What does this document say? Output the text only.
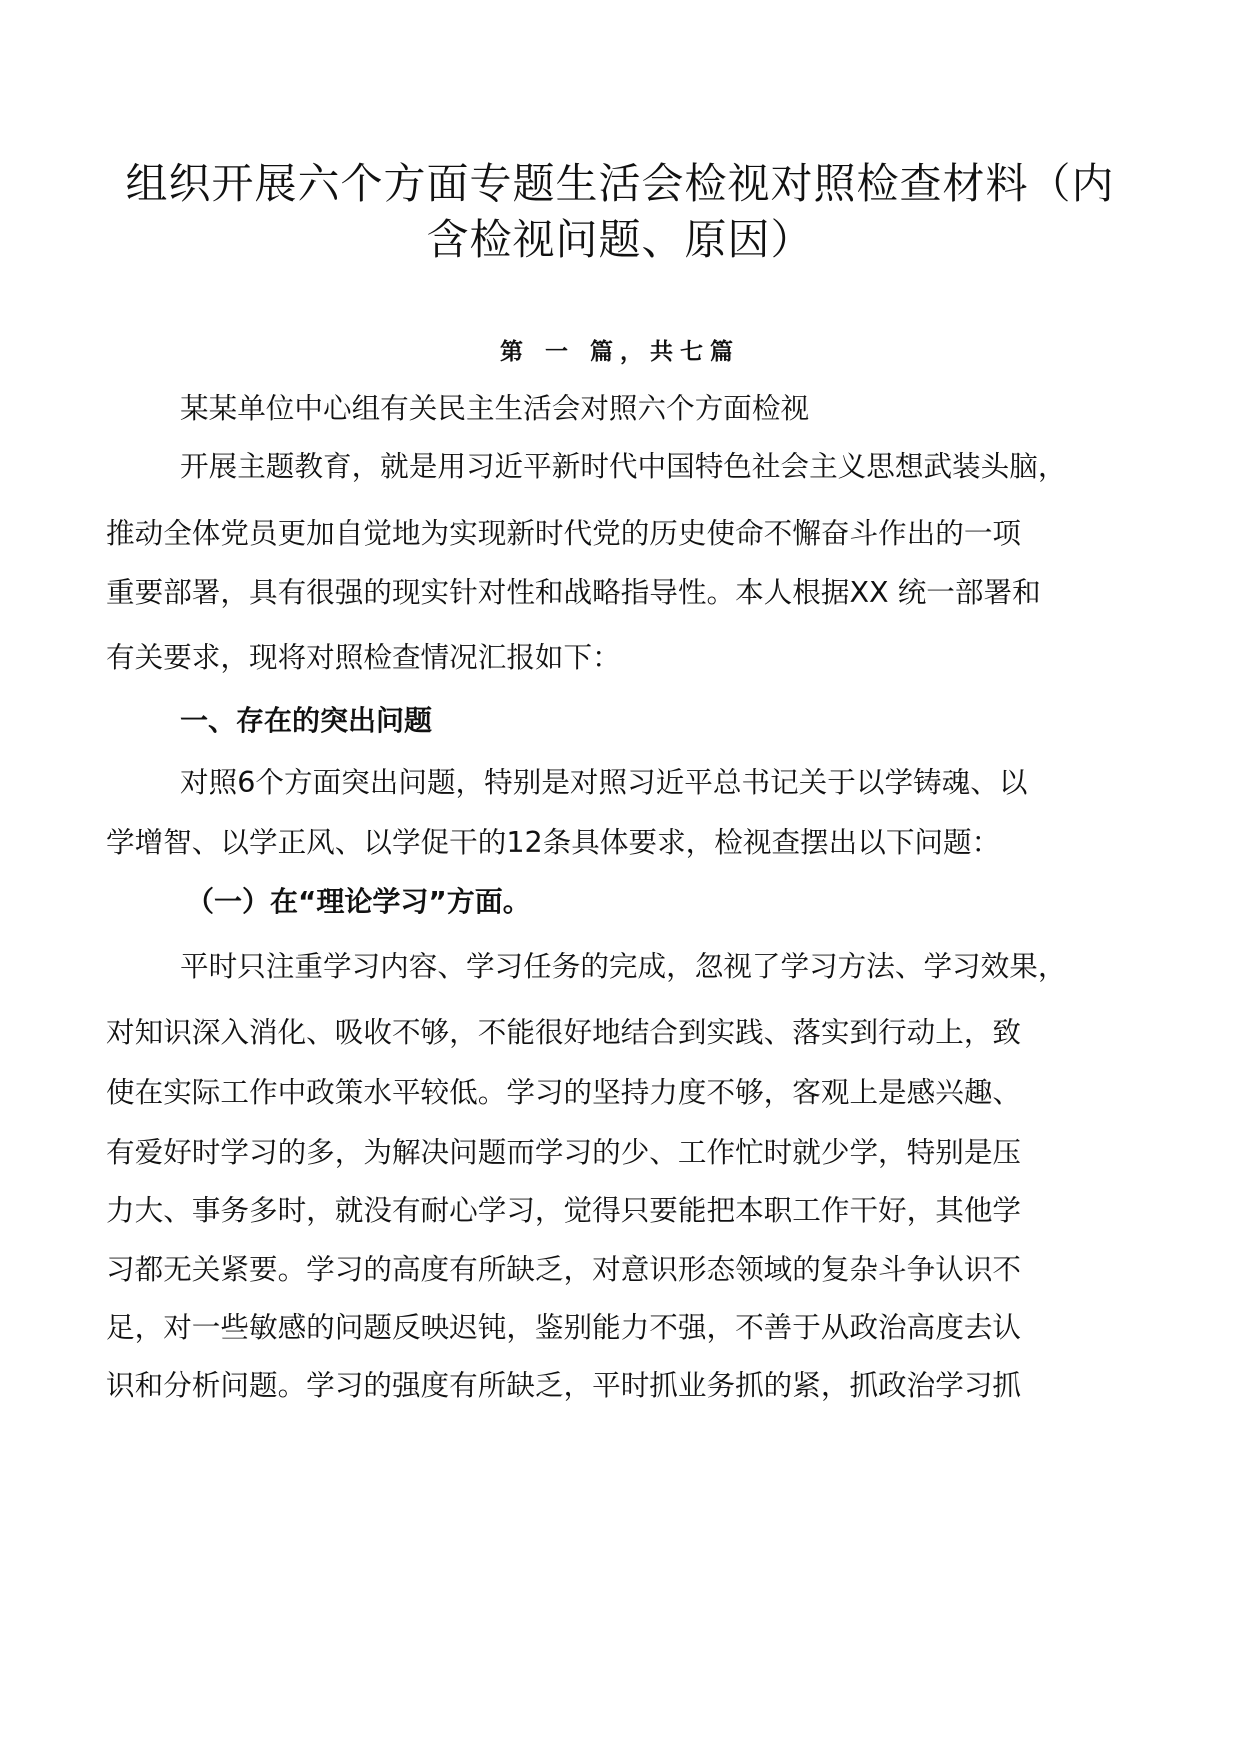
组织开展六个方面专题生活会检视对照检查材料（内
含检视问题、原因）
第 一 篇，共七篇
某某单位中心组有关民主生活会对照六个方面检视
开展主题教育，就是用习近平新时代中国特色社会主义思想武装头脑，
推动全体党员更加自觉地为实现新时代党的历史使命不懈奋斗作出的一项
重要部署，具有很强的现实针对性和战略指导性。本人根据XX 统一部署和
有关要求，现将对照检查情况汇报如下：
一、存在的突出问题
对照6个方面突出问题，特别是对照习近平总书记关于以学铸魂、以
学增智、以学正风、以学促干的12条具体要求，检视查摆出以下问题：
（一）在“理论学习”方面。
平时只注重学习内容、学习任务的完成，忽视了学习方法、学习效果，
对知识深入消化、吸收不够，不能很好地结合到实践、落实到行动上，致
使在实际工作中政策水平较低。学习的坚持力度不够，客观上是感兴趣、
有爱好时学习的多，为解决问题而学习的少、工作忙时就少学，特别是压
力大、事务多时，就没有耐心学习，觉得只要能把本职工作干好，其他学
习都无关紧要。学习的高度有所缺乏，对意识形态领域的复杂斗争认识不
足，对一些敏感的问题反映迟钝，鉴别能力不强，不善于从政治高度去认
识和分析问题。学习的强度有所缺乏，平时抓业务抓的紧，抓政治学习抓
